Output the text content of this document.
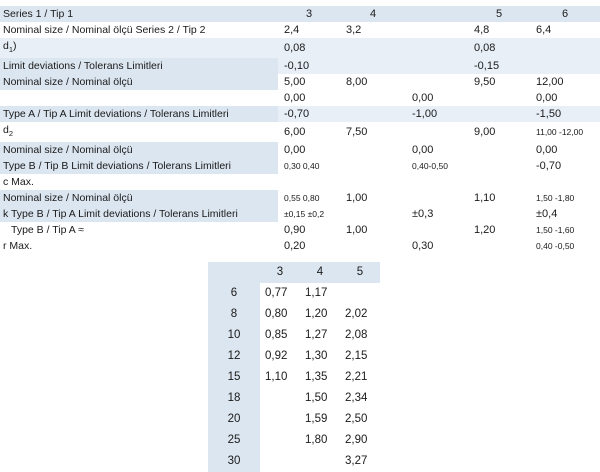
Series 1 / Tip 1	3	4		5	6
Nominal size / Nominal ölçü Series 2 / Tip 2	2,4	3,2		4,8	6,4
$d_1$)	0,08			0,08	
Limit deviations / Tolerans Limitleri	-0,10			-0,15	
Nominal size / Nominal ölçü	5,00	8,00		9,50	12,00
	0,00		0,00		0,00
Type A / Tip A Limit deviations / Tolerans Limitleri	-0,70		-1,00		-1,50
$d_2$	6,00	7,50		9,00	11,00 -12,00
Nominal size / Nominal ölçü	0,00		0,00		0,00
Type B / Tip B Limit deviations / Tolerans Limitleri	0,30 0,40		0,40-0,50		-0,70
c Max.					
Nominal size / Nominal ölçü	0,55 0,80	1,00		1,10	1,50 -1,80
k Type B / Tip A Limit deviations / Tolerans Limitleri	±0,15 ±0,2		±0,3		±0,4
Type B / Tip A ≈	0,90	1,00		1,20	1,50 -1,60
r Max.	0,20		0,30		0,40 -0,50
	3	4	5
6	0,77	1,17	
8	0,80	1,20	2,02
10	0,85	1,27	2,08
12	0,92	1,30	2,15
15	1,10	1,35	2,21
18		1,50	2,34
20		1,59	2,50
25		1,80	2,90
30			3,27
